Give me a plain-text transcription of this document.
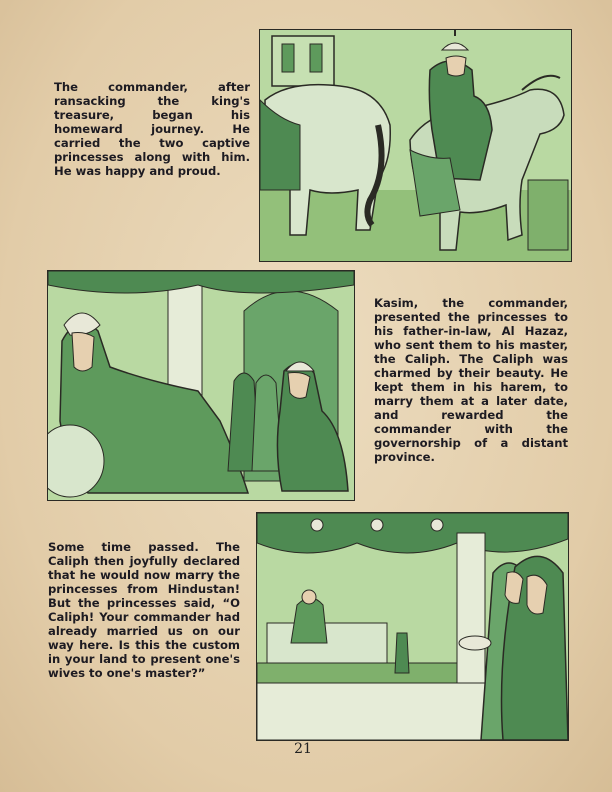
The commander, after ransacking the king's treasure, began his homeward journey. He carried the two captive princesses along with him. He was happy and proud.
Kasim, the commander, presented the princesses to his father-in-law, Al Hazaz, who sent them to his master, the Caliph. The Caliph was charmed by their beauty. He kept them in his harem, to marry them at a later date, and rewarded the commander with the governorship of a distant province.
Some time passed. The Caliph then joyfully declared that he would now marry the princesses from Hindustan! But the princesses said, “O Caliph! Your commander had already married us on our way here. Is this the custom in your land to present one's wives to one's master?”
21
